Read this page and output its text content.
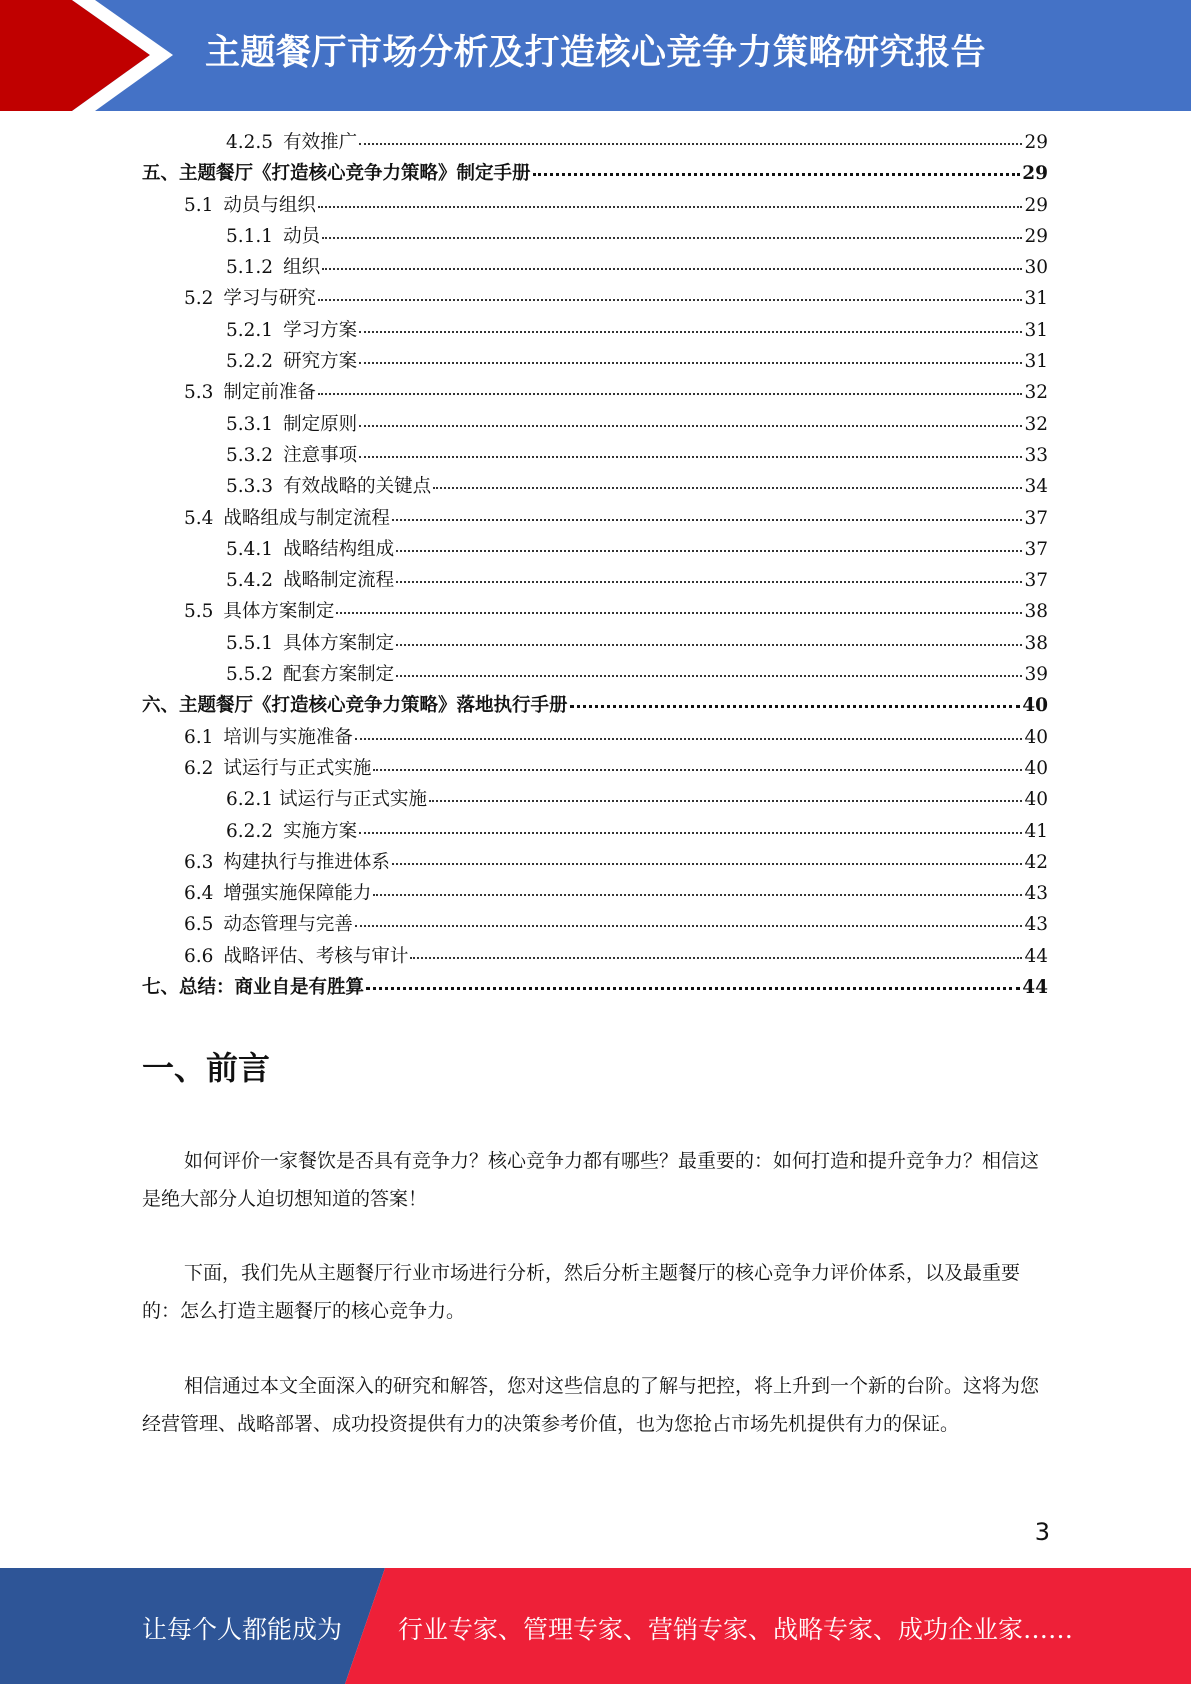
主题餐厅市场分析及打造核心竞争力策略研究报告
4.2.5 有效推广	29
五、主题餐厅《打造核心竞争力策略》制定手册	29
5.1 动员与组织	29
5.1.1 动员	29
5.1.2 组织	30
5.2 学习与研究	31
5.2.1 学习方案	31
5.2.2 研究方案	31
5.3 制定前准备	32
5.3.1 制定原则	32
5.3.2 注意事项	33
5.3.3 有效战略的关键点	34
5.4 战略组成与制定流程	37
5.4.1 战略结构组成	37
5.4.2 战略制定流程	37
5.5 具体方案制定	38
5.5.1 具体方案制定	38
5.5.2 配套方案制定	39
六、主题餐厅《打造核心竞争力策略》落地执行手册	40
6.1 培训与实施准备	40
6.2 试运行与正式实施	40
6.2.1 试运行与正式实施	40
6.2.2 实施方案	41
6.3 构建执行与推进体系	42
6.4 增强实施保障能力	43
6.5 动态管理与完善	43
6.6 战略评估、考核与审计	44
七、总结：商业自是有胜算	44
一、前言

如何评价一家餐饮是否具有竞争力？核心竞争力都有哪些？最重要的：如何打造和提升竞争力？相信这是绝大部分人迫切想知道的答案！

下面，我们先从主题餐厅行业市场进行分析，然后分析主题餐厅的核心竞争力评价体系，以及最重要的：怎么打造主题餐厅的核心竞争力。

相信通过本文全面深入的研究和解答，您对这些信息的了解与把控，将上升到一个新的台阶。这将为您经营管理、战略部署、成功投资提供有力的决策参考价值，也为您抢占市场先机提供有力的保证。

3
让每个人都能成为 行业专家、管理专家、营销专家、战略专家、成功企业家……
